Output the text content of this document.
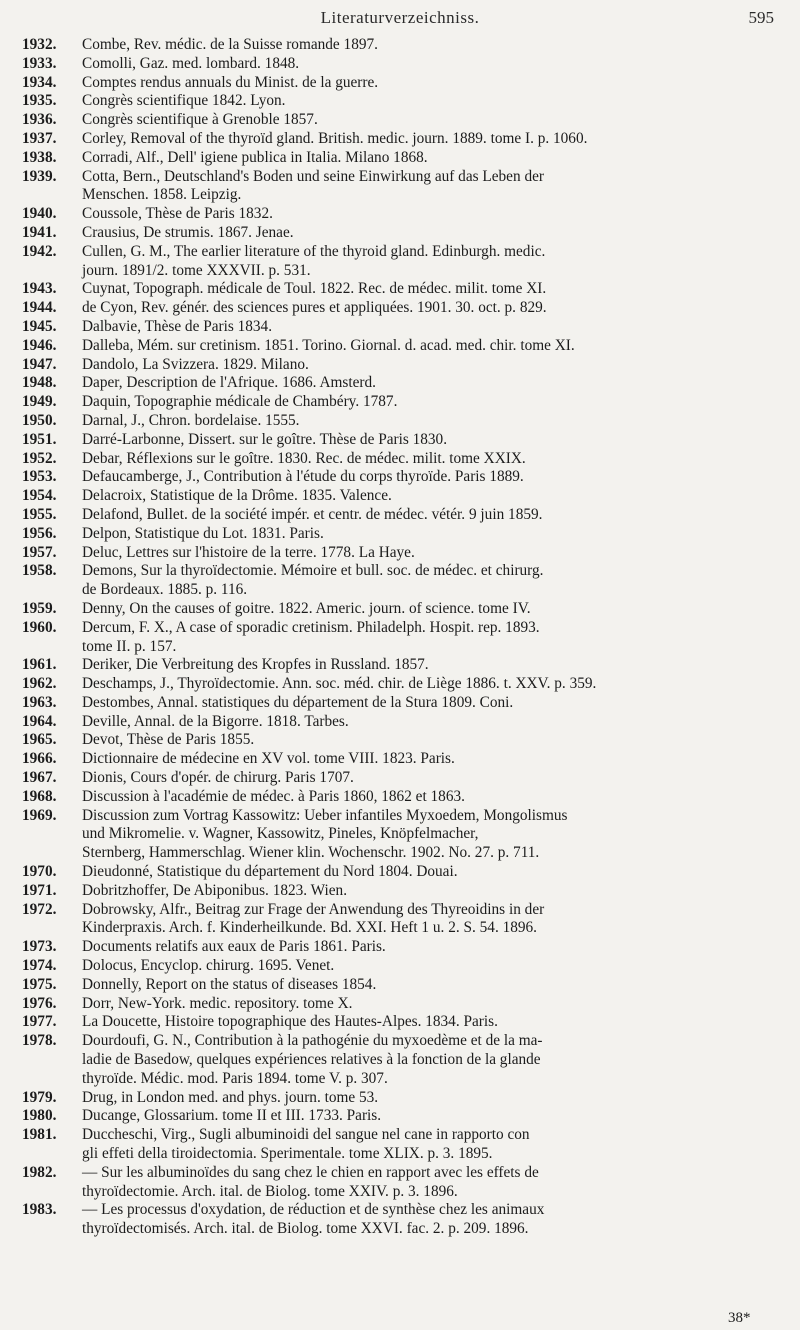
Literaturverzeichniss.	595
1932.	Combe, Rev. médic. de la Suisse romande 1897.
1933.	Comolli, Gaz. med. lombard. 1848.
1934.	Comptes rendus annuals du Minist. de la guerre.
1935.	Congrès scientifique 1842. Lyon.
1936.	Congrès scientifique à Grenoble 1857.
1937.	Corley, Removal of the thyroïd gland. British. medic. journ. 1889. tome I. p. 1060.
1938.	Corradi, Alf., Dell' igiene publica in Italia. Milano 1868.
1939.	Cotta, Bern., Deutschland's Boden und seine Einwirkung auf das Leben der
Menschen. 1858. Leipzig.
1940.	Coussole, Thèse de Paris 1832.
1941.	Crausius, De strumis. 1867. Jenae.
1942.	Cullen, G. M., The earlier literature of the thyroid gland. Edinburgh. medic.
journ. 1891/2. tome XXXVII. p. 531.
1943.	Cuynat, Topograph. médicale de Toul. 1822. Rec. de médec. milit. tome XI.
1944.	de Cyon, Rev. génér. des sciences pures et appliquées. 1901. 30. oct. p. 829.
1945.	Dalbavie, Thèse de Paris 1834.
1946.	Dalleba, Mém. sur cretinism. 1851. Torino. Giornal. d. acad. med. chir. tome XI.
1947.	Dandolo, La Svizzera. 1829. Milano.
1948.	Daper, Description de l'Afrique. 1686. Amsterd.
1949.	Daquin, Topographie médicale de Chambéry. 1787.
1950.	Darnal, J., Chron. bordelaise. 1555.
1951.	Darré-Larbonne, Dissert. sur le goître. Thèse de Paris 1830.
1952.	Debar, Réflexions sur le goître. 1830. Rec. de médec. milit. tome XXIX.
1953.	Defaucamberge, J., Contribution à l'étude du corps thyroïde. Paris 1889.
1954.	Delacroix, Statistique de la Drôme. 1835. Valence.
1955.	Delafond, Bullet. de la société impér. et centr. de médec. vétér. 9 juin 1859.
1956.	Delpon, Statistique du Lot. 1831. Paris.
1957.	Deluc, Lettres sur l'histoire de la terre. 1778. La Haye.
1958.	Demons, Sur la thyroïdectomie. Mémoire et bull. soc. de médec. et chirurg.
de Bordeaux. 1885. p. 116.
1959.	Denny, On the causes of goitre. 1822. Americ. journ. of science. tome IV.
1960.	Dercum, F. X., A case of sporadic cretinism. Philadelph. Hospit. rep. 1893.
tome II. p. 157.
1961.	Deriker, Die Verbreitung des Kropfes in Russland. 1857.
1962.	Deschamps, J., Thyroïdectomie. Ann. soc. méd. chir. de Liège 1886. t. XXV. p. 359.
1963.	Destombes, Annal. statistiques du département de la Stura 1809. Coni.
1964.	Deville, Annal. de la Bigorre. 1818. Tarbes.
1965.	Devot, Thèse de Paris 1855.
1966.	Dictionnaire de médecine en XV vol. tome VIII. 1823. Paris.
1967.	Dionis, Cours d'opér. de chirurg. Paris 1707.
1968.	Discussion à l'académie de médec. à Paris 1860, 1862 et 1863.
1969.	Discussion zum Vortrag Kassowitz: Ueber infantiles Myxoedem, Mongolismus
und Mikromelie. v. Wagner, Kassowitz, Pineles, Knöpfelmacher,
Sternberg, Hammerschlag. Wiener klin. Wochenschr. 1902. No. 27. p. 711.
1970.	Dieudonné, Statistique du département du Nord 1804. Douai.
1971.	Dobritzhoffer, De Abiponibus. 1823. Wien.
1972.	Dobrowsky, Alfr., Beitrag zur Frage der Anwendung des Thyreoidins in der
Kinderpraxis. Arch. f. Kinderheilkunde. Bd. XXI. Heft 1 u. 2. S. 54. 1896.
1973.	Documents relatifs aux eaux de Paris 1861. Paris.
1974.	Dolocus, Encyclop. chirurg. 1695. Venet.
1975.	Donnelly, Report on the status of diseases 1854.
1976.	Dorr, New-York. medic. repository. tome X.
1977.	La Doucette, Histoire topographique des Hautes-Alpes. 1834. Paris.
1978.	Dourdoufi, G. N., Contribution à la pathogénie du myxoedème et de la ma-
ladie de Basedow, quelques expériences relatives à la fonction de la glande
thyroïde. Médic. mod. Paris 1894. tome V. p. 307.
1979.	Drug, in London med. and phys. journ. tome 53.
1980.	Ducange, Glossarium. tome II et III. 1733. Paris.
1981.	Duccheschi, Virg., Sugli albuminoidi del sangue nel cane in rapporto con
gli effeti della tiroidectomia. Sperimentale. tome XLIX. p. 3. 1895.
1982.	— Sur les albuminoïdes du sang chez le chien en rapport avec les effets de
thyroïdectomie. Arch. ital. de Biolog. tome XXIV. p. 3. 1896.
1983.	— Les processus d'oxydation, de réduction et de synthèse chez les animaux
thyroïdectomisés. Arch. ital. de Biolog. tome XXVI. fac. 2. p. 209. 1896.
38*
